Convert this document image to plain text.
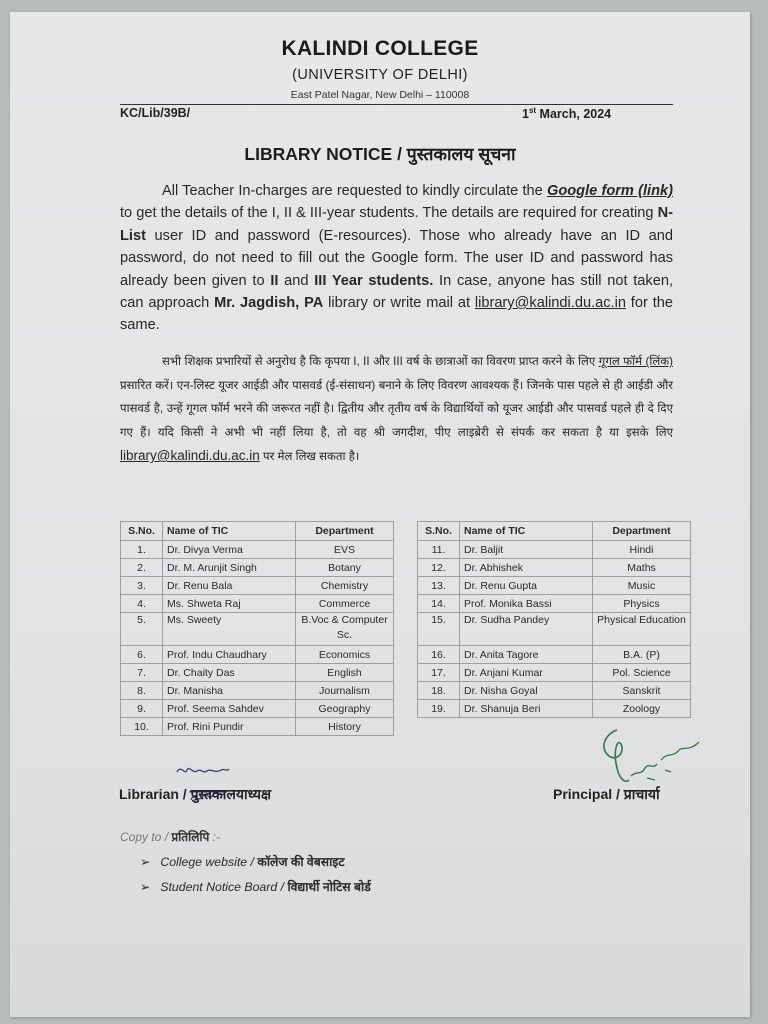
KALINDI COLLEGE
(UNIVERSITY OF DELHI)
East Patel Nagar, New Delhi – 110008
KC/Lib/39B/	1st March, 2024
LIBRARY NOTICE / पुस्तकालय सूचना
All Teacher In-charges are requested to kindly circulate the Google form (link) to get the details of the I, II & III-year students. The details are required for creating N-List user ID and password (E-resources). Those who already have an ID and password, do not need to fill out the Google form. The user ID and password has already been given to II and III Year students. In case, anyone has still not taken, can approach Mr. Jagdish, PA library or write mail at library@kalindi.du.ac.in for the same.
सभी शिक्षक प्रभारियों से अनुरोध है कि कृपया I, II और III वर्ष के छात्राओं का विवरण प्राप्त करने के लिए गूगल फॉर्म (लिंक) प्रसारित करें। एन-लिस्ट यूजर आईडी और पासवर्ड (ई-संसाधन) बनाने के लिए विवरण आवश्यक हैं। जिनके पास पहले से ही आईडी और पासवर्ड है, उन्हें गूगल फॉर्म भरने की जरूरत नहीं है। द्वितीय और तृतीय वर्ष के विद्यार्थियों को यूजर आईडी और पासवर्ड पहले ही दे दिए गए हैं। यदि किसी ने अभी भी नहीं लिया है, तो वह श्री जगदीश, पीए लाइब्रेरी से संपर्क कर सकता है या इसके लिए library@kalindi.du.ac.in पर मेल लिख सकता है।
S.No.	Name of TIC	Department
1.	Dr. Divya Verma	EVS
2.	Dr. M. Arunjit Singh	Botany
3.	Dr. Renu Bala	Chemistry
4.	Ms. Shweta Raj	Commerce
5.	Ms. Sweety	B.Voc & Computer Sc.
6.	Prof. Indu Chaudhary	Economics
7.	Dr. Chaity Das	English
8.	Dr. Manisha	Journalism
9.	Prof. Seema Sahdev	Geography
10.	Prof. Rini Pundir	History
S.No.	Name of TIC	Department
11.	Dr. Baljit	Hindi
12.	Dr. Abhishek	Maths
13.	Dr. Renu Gupta	Music
14.	Prof. Monika Bassi	Physics
15.	Dr. Sudha Pandey	Physical Education
16.	Dr. Anita Tagore	B.A. (P)
17.	Dr. Anjani Kumar	Pol. Science
18.	Dr. Nisha Goyal	Sanskrit
19.	Dr. Shanuja Beri	Zoology
Librarian / पुस्तकालयाध्यक्ष	Principal / प्राचार्या
Copy to / प्रतिलिपि :-
➢ College website / कॉलेज की वेबसाइट
➢ Student Notice Board / विद्यार्थी नोटिस बोर्ड
